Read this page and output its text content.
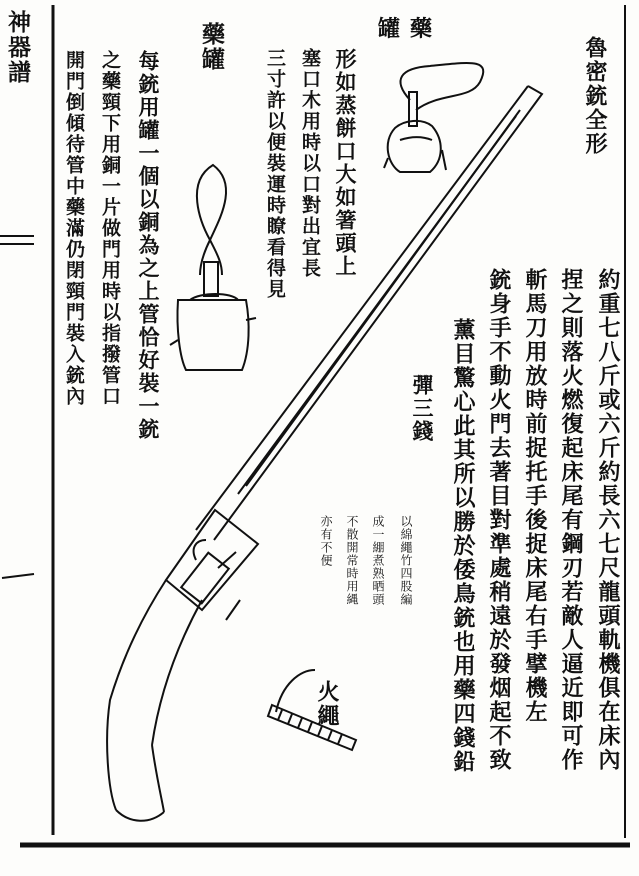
神器譜	藥罐
藥罐
每銃用罐一個以銅為之上管恰好裝一銃
之藥頸下用銅一片做門用時以指撥管口
開門倒傾待管中藥滿仍閉頸門裝入銃內	形如蒸餅口大如箸頭上
塞口木用時以口對出宜長
三寸許以便裝運時瞭看得見	魯密銃全形
約重七八斤或六斤約長六七尺龍頭軌機俱在床內
捏之則落火燃復起床尾有鋼刃若敵人逼近即可作
斬馬刀用放時前捉托手後捉床尾右手擘機左
銃身手不動火門去著目對準處稍遠於發烟起不致
薰目驚心此其所以勝於倭鳥銃也用藥四錢鉛
彈三錢
火繩
以綿繩竹四股編
成一綳煮熟晒頭
不散開常時用縄
亦有不便
